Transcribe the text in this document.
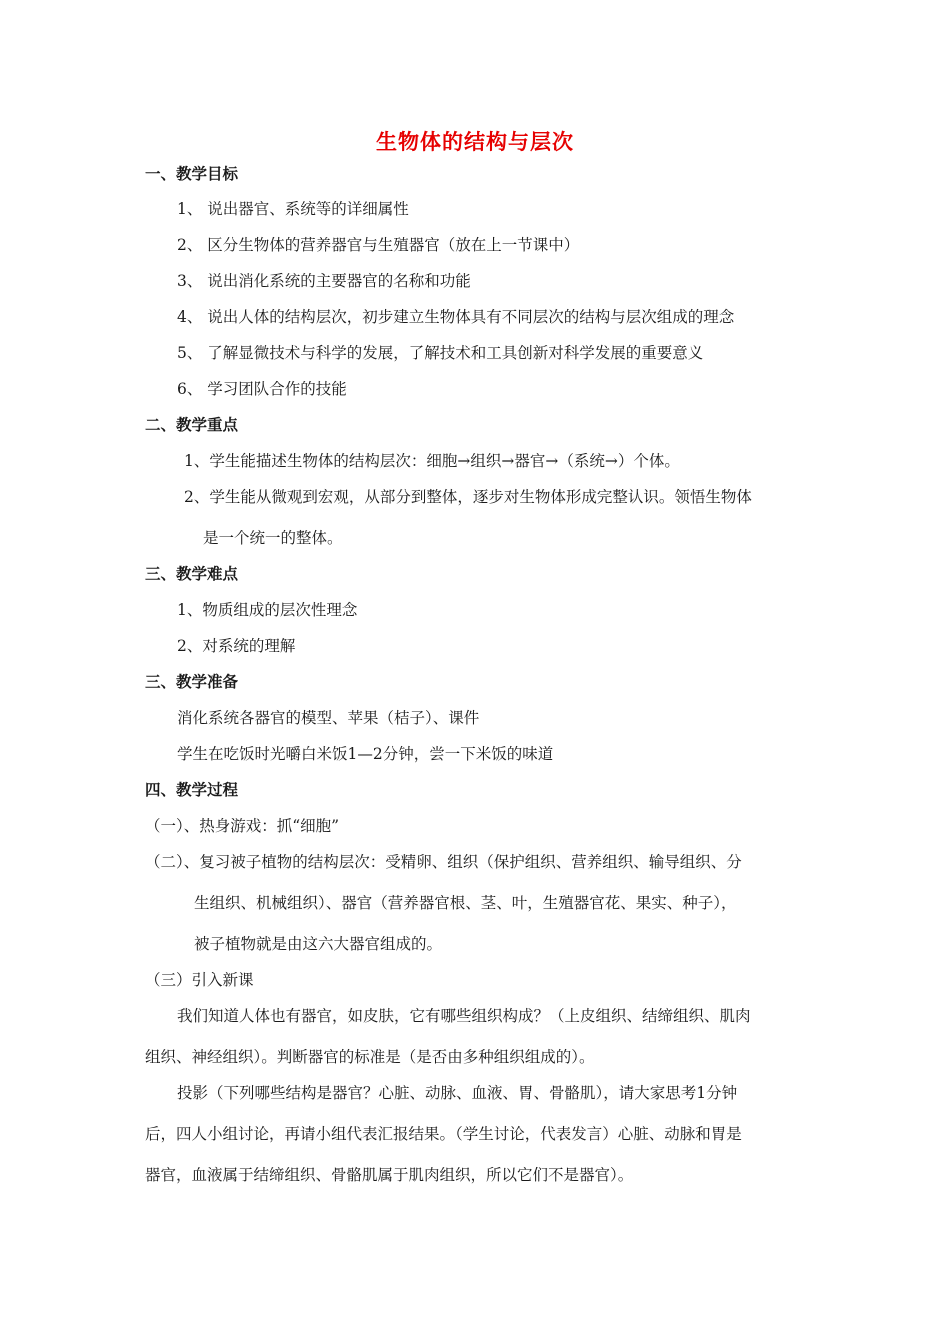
生物体的结构与层次
一、教学目标
1、 说出器官、系统等的详细属性
2、 区分生物体的营养器官与生殖器官（放在上一节课中）
3、 说出消化系统的主要器官的名称和功能
4、 说出人体的结构层次，初步建立生物体具有不同层次的结构与层次组成的理念
5、 了解显微技术与科学的发展，了解技术和工具创新对科学发展的重要意义
6、 学习团队合作的技能
二、教学重点
1、学生能描述生物体的结构层次：细胞→组织→器官→（系统→）个体。
2、学生能从微观到宏观，从部分到整体，逐步对生物体形成完整认识。领悟生物体
是一个统一的整体。
三、教学难点
1、物质组成的层次性理念
2、对系统的理解
三、教学准备
消化系统各器官的模型、苹果（桔子）、课件
学生在吃饭时光嚼白米饭1—2分钟，尝一下米饭的味道
四、教学过程
（一）、热身游戏：抓“细胞”
（二）、复习被子植物的结构层次：受精卵、组织（保护组织、营养组织、输导组织、分
生组织、机械组织）、器官（营养器官根、茎、叶，生殖器官花、果实、种子），
被子植物就是由这六大器官组成的。
（三）引入新课
我们知道人体也有器官，如皮肤，它有哪些组织构成？（上皮组织、结缔组织、肌肉
组织、神经组织）。判断器官的标准是（是否由多种组织组成的）。
投影（下列哪些结构是器官？心脏、动脉、血液、胃、骨骼肌），请大家思考1分钟
后，四人小组讨论，再请小组代表汇报结果。（学生讨论，代表发言）心脏、动脉和胃是
器官，血液属于结缔组织、骨骼肌属于肌肉组织，所以它们不是器官）。
